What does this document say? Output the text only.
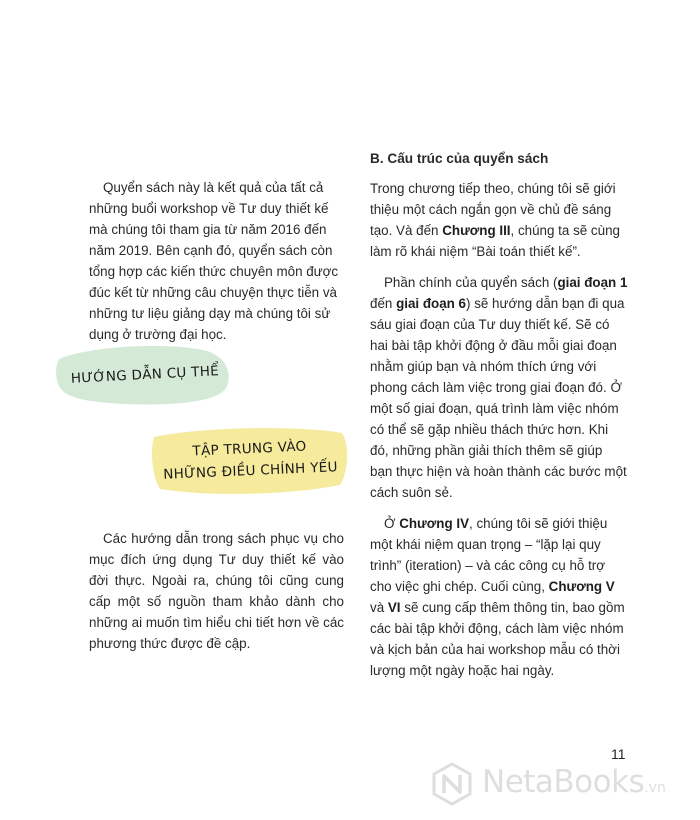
Quyển sách này là kết quả của tất cả những buổi workshop về Tư duy thiết kế mà chúng tôi tham gia từ năm 2016 đến năm 2019. Bên cạnh đó, quyển sách còn tổng hợp các kiến thức chuyên môn được đúc kết từ những câu chuyện thực tiễn và những tư liệu giảng dạy mà chúng tôi sử dụng ở trường đại học.

HƯỚNG DẪN CỤ THỂ
TẬP TRUNG VÀO
NHỮNG ĐIỀU CHÍNH YẾU

Các hướng dẫn trong sách phục vụ cho mục đích ứng dụng Tư duy thiết kế vào đời thực. Ngoài ra, chúng tôi cũng cung cấp một số nguồn tham khảo dành cho những ai muốn tìm hiểu chi tiết hơn về các phương thức được đề cập.

B. Cấu trúc của quyển sách

Trong chương tiếp theo, chúng tôi sẽ giới thiệu một cách ngắn gọn về chủ đề sáng tạo. Và đến Chương III, chúng ta sẽ cùng làm rõ khái niệm “Bài toán thiết kế”.

Phần chính của quyển sách (giai đoạn 1 đến giai đoạn 6) sẽ hướng dẫn bạn đi qua sáu giai đoạn của Tư duy thiết kế. Sẽ có hai bài tập khởi động ở đầu mỗi giai đoạn nhằm giúp bạn và nhóm thích ứng với phong cách làm việc trong giai đoạn đó. Ở một số giai đoạn, quá trình làm việc nhóm có thể sẽ gặp nhiều thách thức hơn. Khi đó, những phần giải thích thêm sẽ giúp bạn thực hiện và hoàn thành các bước một cách suôn sẻ.

Ở Chương IV, chúng tôi sẽ giới thiệu một khái niệm quan trọng – “lặp lại quy trình” (iteration) – và các công cụ hỗ trợ cho việc ghi chép. Cuối cùng, Chương V và VI sẽ cung cấp thêm thông tin, bao gồm các bài tập khởi động, cách làm việc nhóm và kịch bản của hai workshop mẫu có thời lượng một ngày hoặc hai ngày.

11
NetaBooks.vn
